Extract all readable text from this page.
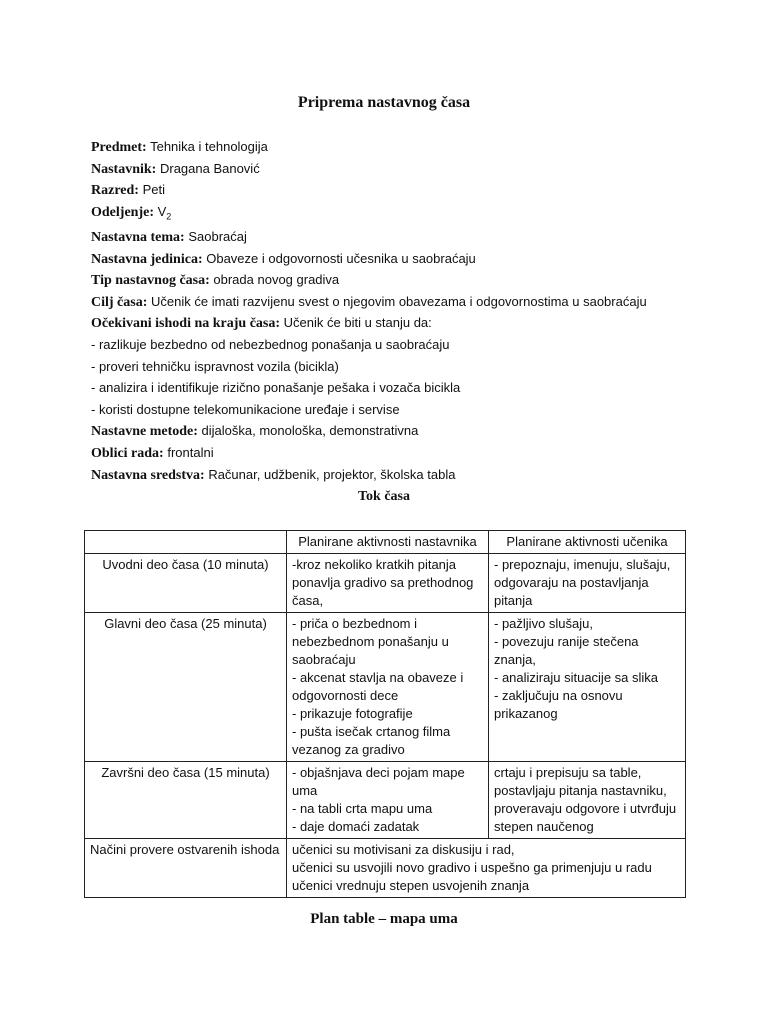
Priprema nastavnog časa
Predmet: Tehnika i tehnologija
Nastavnik: Dragana Banović
Razred: Peti
Odeljenje: $V_2$
Nastavna tema: Saobraćaj
Nastavna jedinica: Obaveze i odgovornosti učesnika u saobraćaju
Tip nastavnog časa: obrada novog gradiva
Cilj časa: Učenik će imati razvijenu svest o njegovim obavezama i odgovornostima u saobraćaju
Očekivani ishodi na kraju časa: Učenik će biti u stanju da:
- razlikuje bezbedno od nebezbednog ponašanja u saobraćaju
- proveri tehničku ispravnost vozila (bicikla)
- analizira i identifikuje rizično ponašanje pešaka i vozača bicikla
- koristi dostupne telekomunikacione uređaje i servise
Nastavne metode: dijaloška, monološka, demonstrativna
Oblici rada: frontalni
Nastavna sredstva: Računar, udžbenik, projektor, školska tabla
Tok časa
	Planirane aktivnosti nastavnika	Planirane aktivnosti učenika
Uvodni deo časa (10 minuta)	-kroz nekoliko kratkih pitanja ponavlja gradivo sa prethodnog časa,	- prepoznaju, imenuju, slušaju, odgovaraju na postavljanja pitanja

Glavni deo časa (25 minuta)	- priča o bezbednom i nebezbednom ponašanju u saobraćaju
- akcenat stavlja na obaveze i odgovornosti dece
- prikazuje fotografije
- pušta isečak crtanog filma vezanog za gradivo	- pažljivo slušaju,
- povezuju ranije stečena znanja,
- analiziraju situacije sa slika
- zaključuju na osnovu prikazanog

Završni deo časa (15 minuta)	- objašnjava deci pojam mape uma
- na tabli crta mapu uma
- daje domaći zadatak	crtaju i prepisuju sa table, postavljaju pitanja nastavniku, proveravaju odgovore i utvrđuju stepen naučenog

Načini provere ostvarenih ishoda	učenici su motivisani za diskusiju i rad,
učenici su usvojili novo gradivo i uspešno ga primenjuju u radu
učenici vrednuju stepen usvojenih znanja	
Plan table – mapa uma
